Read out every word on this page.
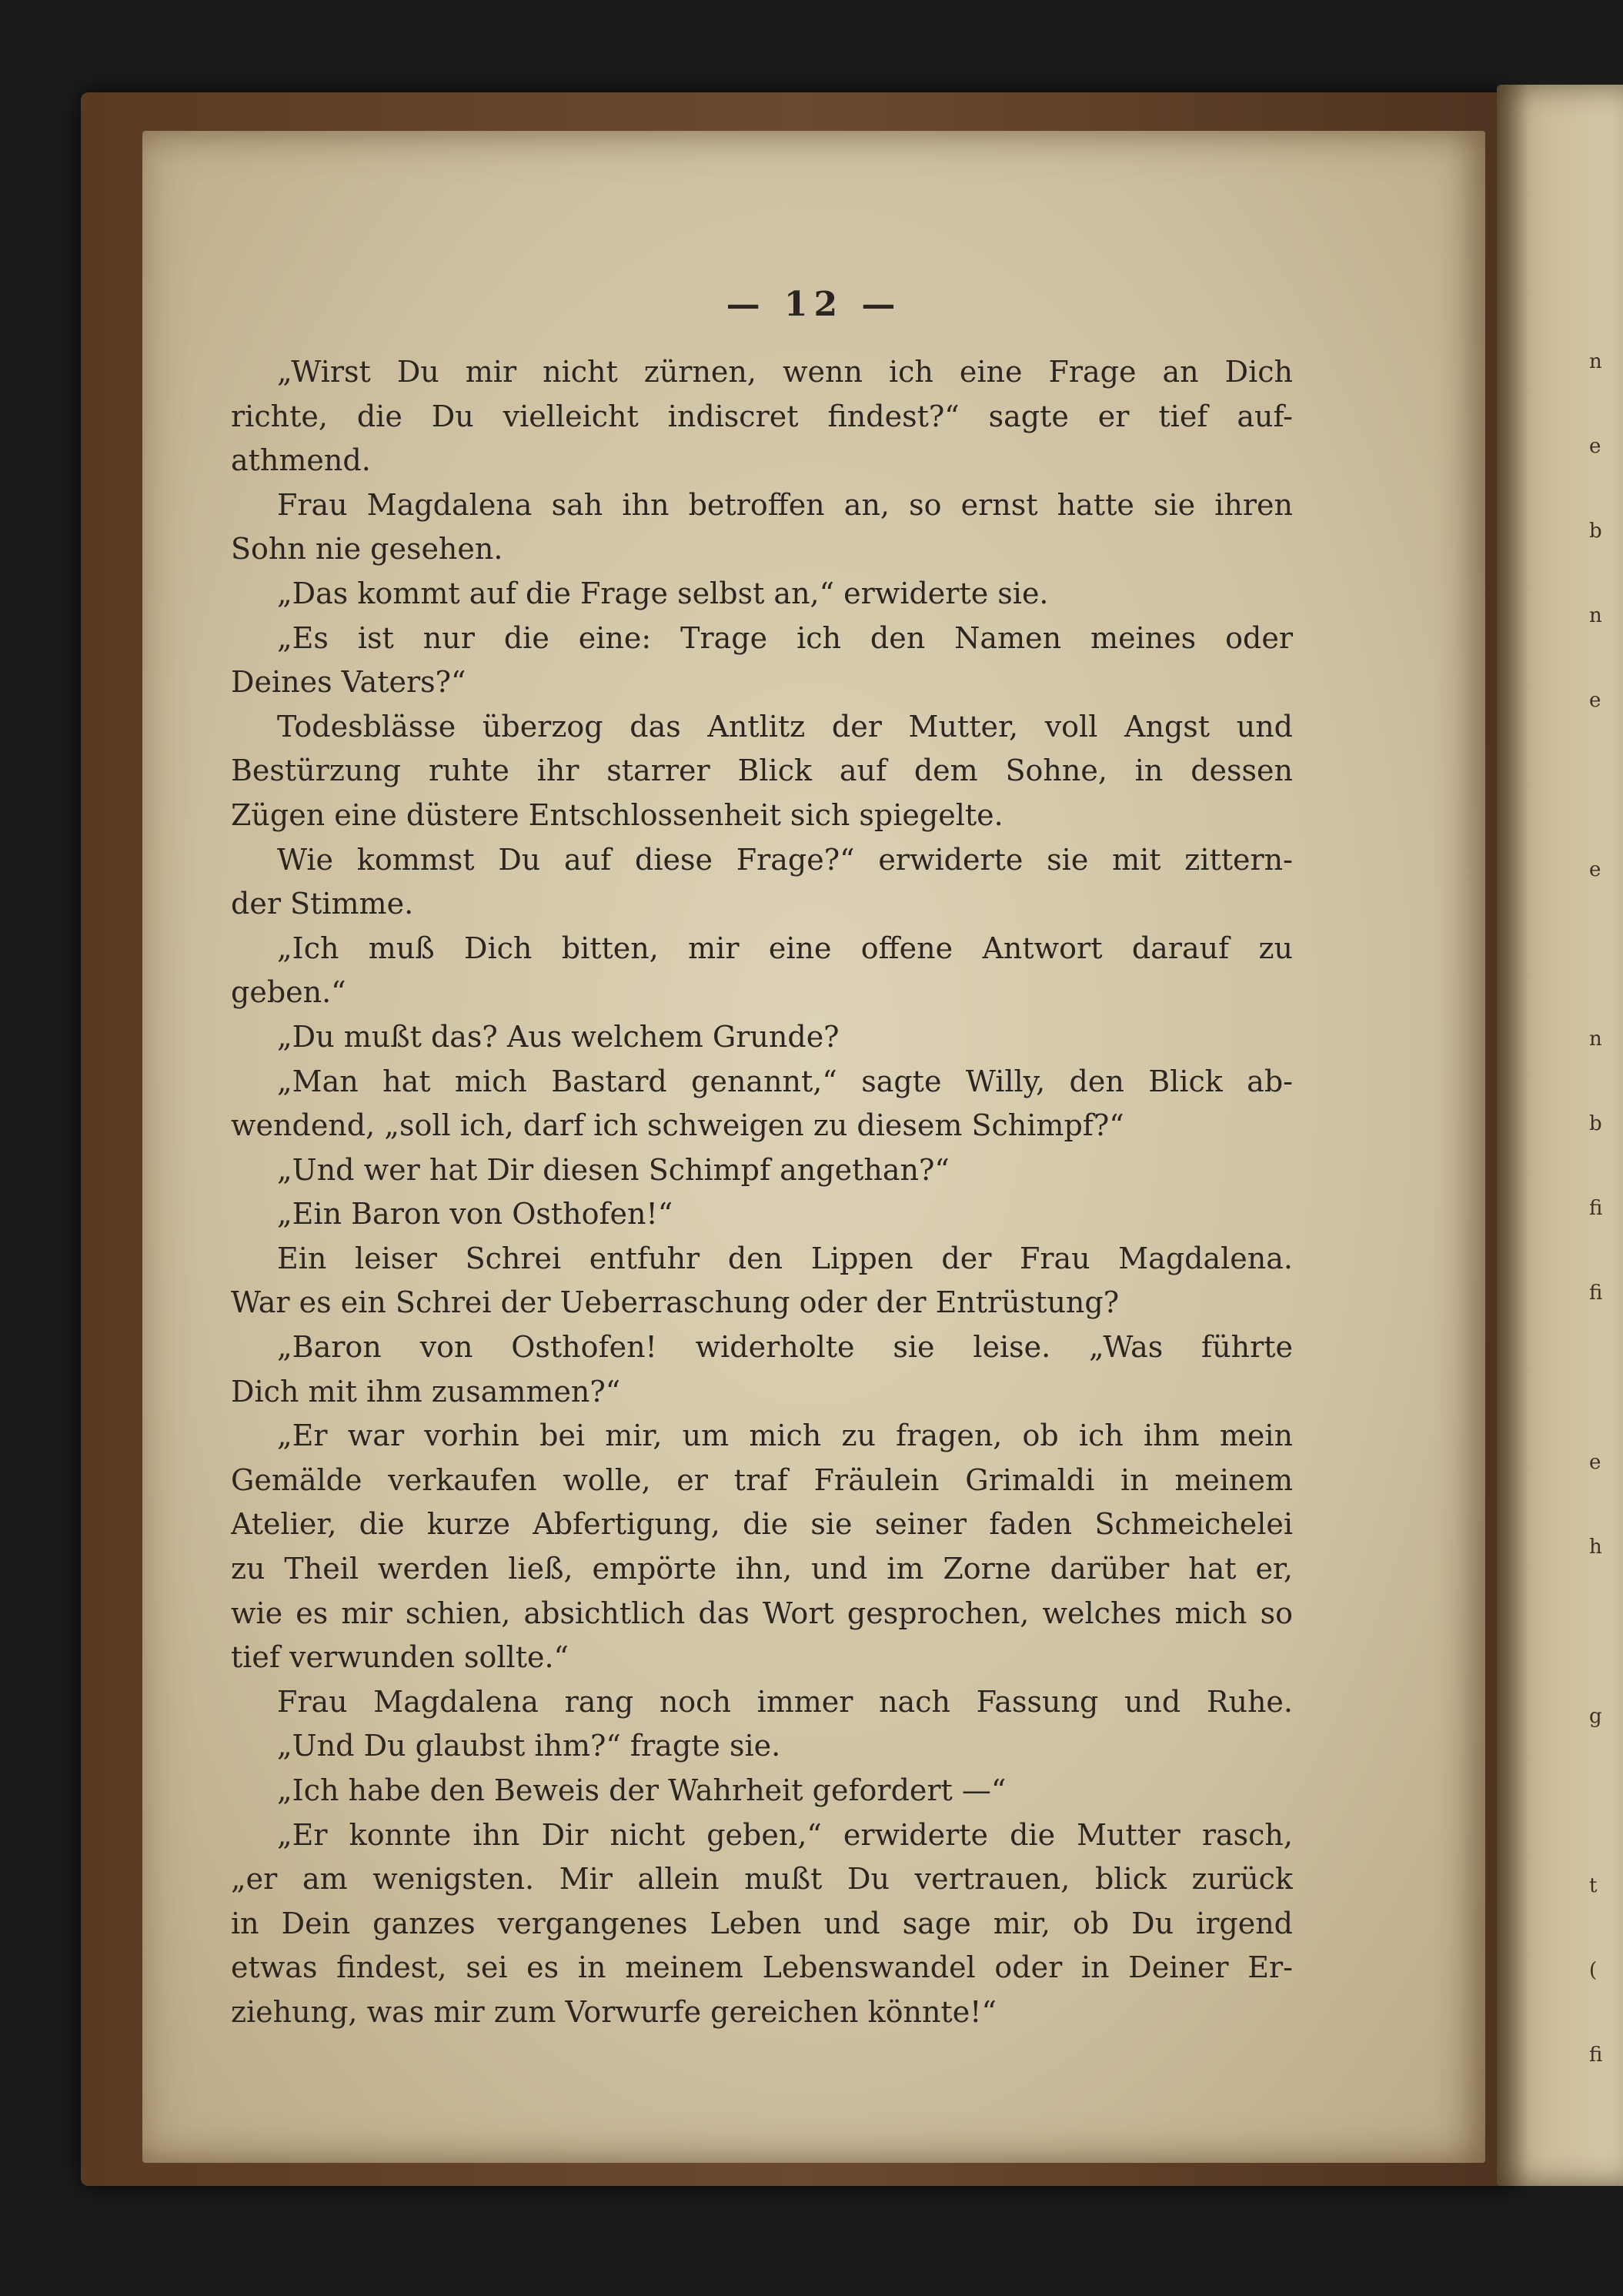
n
e
b
n
e
e
n
b
fi
fi
e
h
g
t
(
fi
— 12 —
„Wirst Du mir nicht zürnen, wenn ich eine Frage an Dich
richte, die Du vielleicht indiscret findest?“ sagte er tief auf-
athmend.
Frau Magdalena sah ihn betroffen an, so ernst hatte sie ihren
Sohn nie gesehen.
„Das kommt auf die Frage selbst an,“ erwiderte sie.
„Es ist nur die eine: Trage ich den Namen meines oder
Deines Vaters?“
Todesblässe überzog das Antlitz der Mutter, voll Angst und
Bestürzung ruhte ihr starrer Blick auf dem Sohne, in dessen
Zügen eine düstere Entschlossenheit sich spiegelte.
Wie kommst Du auf diese Frage?“ erwiderte sie mit zittern-
der Stimme.
„Ich muß Dich bitten, mir eine offene Antwort darauf zu
geben.“
„Du mußt das? Aus welchem Grunde?
„Man hat mich Bastard genannt,“ sagte Willy, den Blick ab-
wendend, „soll ich, darf ich schweigen zu diesem Schimpf?“
„Und wer hat Dir diesen Schimpf angethan?“
„Ein Baron von Osthofen!“
Ein leiser Schrei entfuhr den Lippen der Frau Magdalena.
War es ein Schrei der Ueberraschung oder der Entrüstung?
„Baron von Osthofen! widerholte sie leise. „Was führte
Dich mit ihm zusammen?“
„Er war vorhin bei mir, um mich zu fragen, ob ich ihm mein
Gemälde verkaufen wolle, er traf Fräulein Grimaldi in meinem
Atelier, die kurze Abfertigung, die sie seiner faden Schmeichelei
zu Theil werden ließ, empörte ihn, und im Zorne darüber hat er,
wie es mir schien, absichtlich das Wort gesprochen, welches mich so
tief verwunden sollte.“
Frau Magdalena rang noch immer nach Fassung und Ruhe.
„Und Du glaubst ihm?“ fragte sie.
„Ich habe den Beweis der Wahrheit gefordert —“
„Er konnte ihn Dir nicht geben,“ erwiderte die Mutter rasch,
„er am wenigsten. Mir allein mußt Du vertrauen, blick zurück
in Dein ganzes vergangenes Leben und sage mir, ob Du irgend
etwas findest, sei es in meinem Lebenswandel oder in Deiner Er-
ziehung, was mir zum Vorwurfe gereichen könnte!“
